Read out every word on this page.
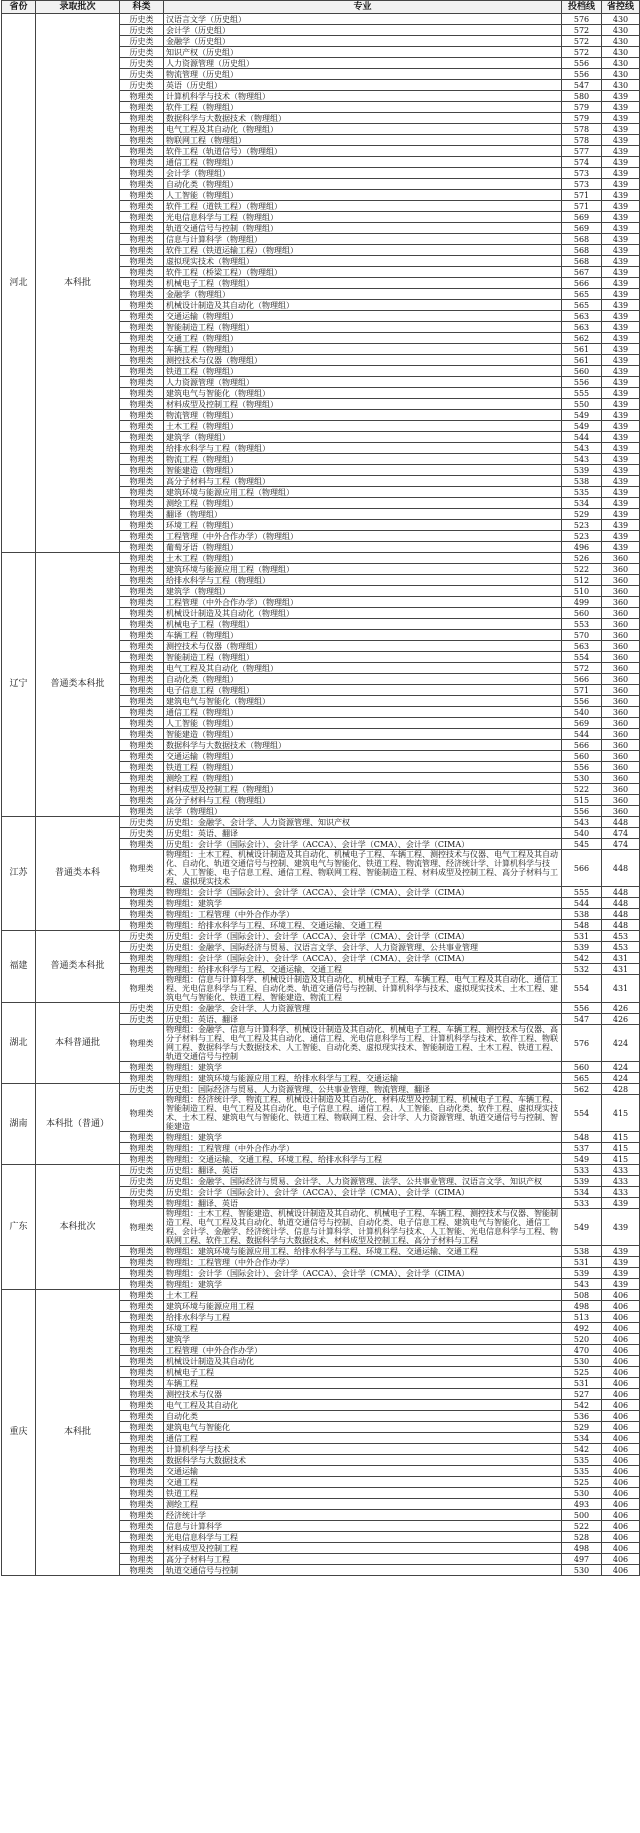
省份	录取批次	科类	专业	投档线	省控线
河北	本科批	历史类	汉语言文学（历史组）	576	430
		历史类	会计学（历史组）	572	430
		历史类	金融学（历史组）	572	430
		历史类	知识产权（历史组）	572	430
		历史类	人力资源管理（历史组）	556	430
		历史类	物流管理（历史组）	556	430
		历史类	英语（历史组）	547	430
		物理类	计算机科学与技术（物理组）	580	439
		物理类	软件工程（物理组）	579	439
		物理类	数据科学与大数据技术（物理组）	579	439
		物理类	电气工程及其自动化（物理组）	578	439
		物理类	物联网工程（物理组）	578	439
		物理类	软件工程（轨道信号）（物理组）	577	439
		物理类	通信工程（物理组）	574	439
		物理类	会计学（物理组）	573	439
		物理类	自动化类（物理组）	573	439
		物理类	人工智能（物理组）	571	439
		物理类	软件工程（道铁工程）（物理组）	571	439
		物理类	光电信息科学与工程（物理组）	569	439
		物理类	轨道交通信号与控制（物理组）	569	439
		物理类	信息与计算科学（物理组）	568	439
		物理类	软件工程（铁道运输工程）（物理组）	568	439
		物理类	虚拟现实技术（物理组）	568	439
		物理类	软件工程（桥梁工程）（物理组）	567	439
		物理类	机械电子工程（物理组）	566	439
		物理类	金融学（物理组）	565	439
		物理类	机械设计制造及其自动化（物理组）	565	439
		物理类	交通运输（物理组）	563	439
		物理类	智能制造工程（物理组）	563	439
		物理类	交通工程（物理组）	562	439
		物理类	车辆工程（物理组）	561	439
		物理类	测控技术与仪器（物理组）	561	439
		物理类	铁道工程（物理组）	560	439
		物理类	人力资源管理（物理组）	556	439
		物理类	建筑电气与智能化（物理组）	555	439
		物理类	材料成型及控制工程（物理组）	550	439
		物理类	物流管理（物理组）	549	439
		物理类	土木工程（物理组）	549	439
		物理类	建筑学（物理组）	544	439
		物理类	给排水科学与工程（物理组）	543	439
		物理类	物流工程（物理组）	543	439
		物理类	智能建造（物理组）	539	439
		物理类	高分子材料与工程（物理组）	538	439
		物理类	建筑环境与能源应用工程（物理组）	535	439
		物理类	测绘工程（物理组）	534	439
		物理类	翻译（物理组）	529	439
		物理类	环境工程（物理组）	523	439
		物理类	工程管理（中外合作办学）（物理组）	523	439
		物理类	葡萄牙语（物理组）	496	439
辽宁	普通类本科批	物理类	土木工程（物理组）	526	360
		物理类	建筑环境与能源应用工程（物理组）	522	360
		物理类	给排水科学与工程（物理组）	512	360
		物理类	建筑学（物理组）	510	360
		物理类	工程管理（中外合作办学）（物理组）	499	360
		物理类	机械设计制造及其自动化（物理组）	560	360
		物理类	机械电子工程（物理组）	553	360
		物理类	车辆工程（物理组）	570	360
		物理类	测控技术与仪器（物理组）	563	360
		物理类	智能制造工程（物理组）	554	360
		物理类	电气工程及其自动化（物理组）	572	360
		物理类	自动化类（物理组）	566	360
		物理类	电子信息工程（物理组）	571	360
		物理类	建筑电气与智能化（物理组）	556	360
		物理类	通信工程（物理组）	540	360
		物理类	人工智能（物理组）	569	360
		物理类	智能建造（物理组）	544	360
		物理类	数据科学与大数据技术（物理组）	566	360
		物理类	交通运输（物理组）	560	360
		物理类	铁道工程（物理组）	556	360
		物理类	测绘工程（物理组）	530	360
		物理类	材料成型及控制工程（物理组）	522	360
		物理类	高分子材料与工程（物理组）	515	360
		物理类	法学（物理组）	556	360
江苏	普通类本科	历史类	历史组：金融学、会计学、人力资源管理、知识产权	543	448
		历史类	历史组：英语、翻译	540	474
		物理类	历史组：会计学（国际会计）、会计学（ACCA）、会计学（CMA）、会计学（CIMA）	545	474
		物理类	物理组：土木工程、机械设计制造及其自动化、机械电子工程、车辆工程、测控技术与仪器、电气工程及其自动化、自动化、轨道交通信号与控制、建筑电气与智能化、铁道工程、物流管理、经济统计学、计算机科学与技术、人工智能、电子信息工程、通信工程、物联网工程、智能制造工程、材料成型及控制工程、高分子材料与工程、虚拟现实技术	566	448
		物理类	物理组：会计学（国际会计）、会计学（ACCA）、会计学（CMA）、会计学（CIMA）	555	448
		物理类	物理组：建筑学	544	448
		物理类	物理组：工程管理（中外合作办学）	538	448
		物理类	物理组：给排水科学与工程、环境工程、交通运输、交通工程	548	448
福建	普通类本科批	历史类	历史组：会计学（国际会计）、会计学（ACCA）、会计学（CMA）、会计学（CIMA）	531	453
		历史类	历史组：金融学、国际经济与贸易、汉语言文学、会计学、人力资源管理、公共事业管理	539	453
		物理类	物理组：会计学（国际会计）、会计学（ACCA）、会计学（CMA）、会计学（CIMA）	542	431
		物理类	物理组：给排水科学与工程、交通运输、交通工程	532	431
		物理类	物理组：信息与计算科学、机械设计制造及其自动化、机械电子工程、车辆工程、电气工程及其自动化、通信工程、光电信息科学与工程、自动化类、轨道交通信号与控制、计算机科学与技术、虚拟现实技术、土木工程、建筑电气与智能化、铁道工程、智能建造、物流工程	554	431
湖北	本科普通批	历史类	历史组：金融学、会计学、人力资源管理	556	426
		历史类	历史组：英语、翻译	547	426
		物理类	物理组：金融学、信息与计算科学、机械设计制造及其自动化、机械电子工程、车辆工程、测控技术与仪器、高分子材料与工程、电气工程及其自动化、通信工程、光电信息科学与工程、计算机科学与技术、软件工程、物联网工程、数据科学与大数据技术、人工智能、自动化类、虚拟现实技术、智能制造工程、土木工程、铁道工程、轨道交通信号与控制	576	424
		物理类	物理组：建筑学	560	424
		物理类	物理组：建筑环境与能源应用工程、给排水科学与工程、交通运输	565	424
湖南	本科批（普通）	历史类	历史组：国际经济与贸易、人力资源管理、公共事业管理、物流管理、翻译	562	428
		物理类	物理组：经济统计学、物流工程、机械设计制造及其自动化、材料成型及控制工程、机械电子工程、车辆工程、智能制造工程、电气工程及其自动化、电子信息工程、通信工程、人工智能、自动化类、软件工程、虚拟现实技术、土木工程、建筑电气与智能化、铁道工程、物联网工程、会计学、人力资源管理、轨道交通信号与控制、智能建造	554	415
		物理类	物理组：建筑学	548	415
		物理类	物理组：工程管理（中外合作办学）	537	415
		物理类	物理组：交通运输、交通工程、环境工程、给排水科学与工程	549	415
广东	本科批次	历史类	历史组：翻译、英语	533	433
		历史类	历史组：金融学、国际经济与贸易、会计学、人力资源管理、法学、公共事业管理、汉语言文学、知识产权	539	433
		历史类	历史组：会计学（国际会计）、会计学（ACCA）、会计学（CMA）、会计学（CIMA）	534	433
		物理类	物理组：翻译、英语	533	439
		物理类	物理组：土木工程、智能建造、机械设计制造及其自动化、机械电子工程、车辆工程、测控技术与仪器、智能制造工程、电气工程及其自动化、轨道交通信号与控制、自动化类、电子信息工程、建筑电气与智能化、通信工程、会计学、金融学、经济统计学、信息与计算科学、计算机科学与技术、人工智能、光电信息科学与工程、物联网工程、软件工程、数据科学与大数据技术、材料成型及控制工程、高分子材料与工程	549	439
		物理类	物理组：建筑环境与能源应用工程、给排水科学与工程、环境工程、交通运输、交通工程	538	439
		物理类	物理组：工程管理（中外合作办学）	531	439
		物理类	物理组：会计学（国际会计）、会计学（ACCA）、会计学（CMA）、会计学（CIMA）	539	439
		物理类	物理组：建筑学	543	439
重庆	本科批	物理类	土木工程	508	406
		物理类	建筑环境与能源应用工程	498	406
		物理类	给排水科学与工程	513	406
		物理类	环境工程	492	406
		物理类	建筑学	520	406
		物理类	工程管理（中外合作办学）	470	406
		物理类	机械设计制造及其自动化	530	406
		物理类	机械电子工程	525	406
		物理类	车辆工程	531	406
		物理类	测控技术与仪器	527	406
		物理类	电气工程及其自动化	542	406
		物理类	自动化类	536	406
		物理类	建筑电气与智能化	529	406
		物理类	通信工程	534	406
		物理类	计算机科学与技术	542	406
		物理类	数据科学与大数据技术	535	406
		物理类	交通运输	535	406
		物理类	交通工程	525	406
		物理类	铁道工程	530	406
		物理类	测绘工程	493	406
		物理类	经济统计学	500	406
		物理类	信息与计算科学	522	406
		物理类	光电信息科学与工程	528	406
		物理类	材料成型及控制工程	498	406
		物理类	高分子材料与工程	497	406
		物理类	轨道交通信号与控制	530	406
